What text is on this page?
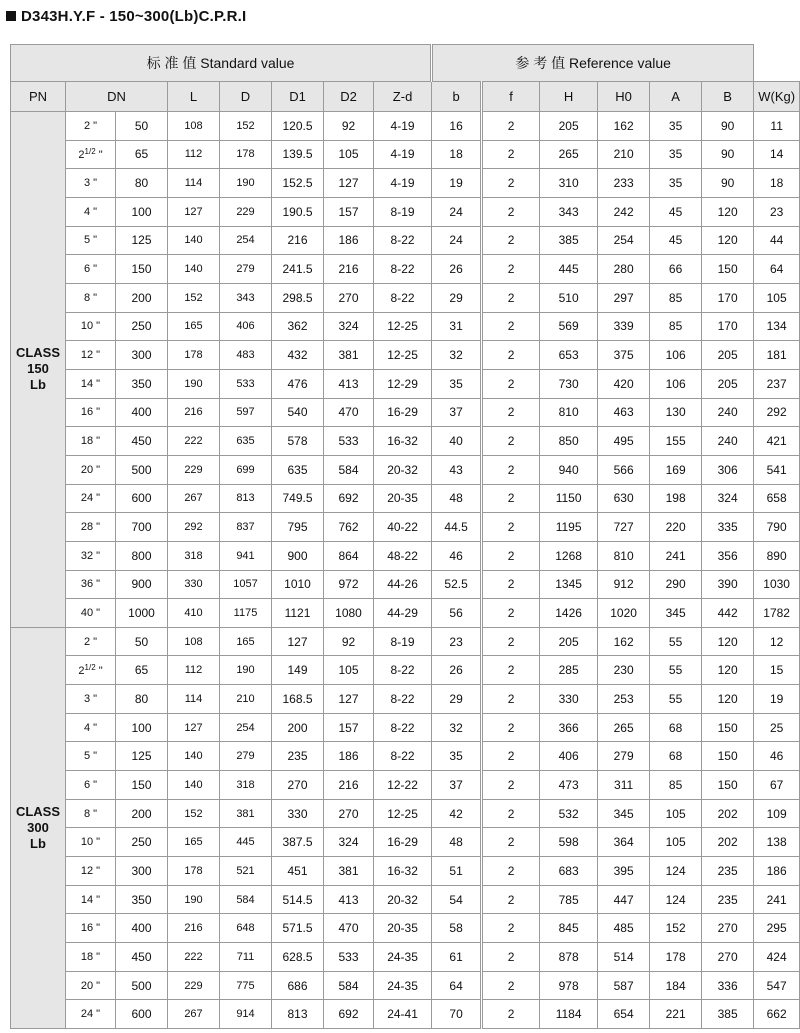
D343H.Y.F - 150~300(Lb)C.P.R.I
标 准 值 Standard value								参 考 值 Reference value						
PN	DN		L	D	D1	D2	Z-d	b	f	H	H0	A	B	W(Kg)

CLASS
150
Lb	2 "	50	108	152	120.5	92	4-19	16	2	205	162	35	90	11
	$2^{1/2}$ "	65	112	178	139.5	105	4-19	18	2	265	210	35	90	14
	3 "	80	114	190	152.5	127	4-19	19	2	310	233	35	90	18
	4 "	100	127	229	190.5	157	8-19	24	2	343	242	45	120	23
	5 "	125	140	254	216	186	8-22	24	2	385	254	45	120	44
	6 "	150	140	279	241.5	216	8-22	26	2	445	280	66	150	64
	8 "	200	152	343	298.5	270	8-22	29	2	510	297	85	170	105
	10 "	250	165	406	362	324	12-25	31	2	569	339	85	170	134
	12 "	300	178	483	432	381	12-25	32	2	653	375	106	205	181
	14 "	350	190	533	476	413	12-29	35	2	730	420	106	205	237
	16 "	400	216	597	540	470	16-29	37	2	810	463	130	240	292
	18 "	450	222	635	578	533	16-32	40	2	850	495	155	240	421
	20 "	500	229	699	635	584	20-32	43	2	940	566	169	306	541
	24 "	600	267	813	749.5	692	20-35	48	2	1150	630	198	324	658
	28 "	700	292	837	795	762	40-22	44.5	2	1195	727	220	335	790
	32 "	800	318	941	900	864	48-22	46	2	1268	810	241	356	890
	36 "	900	330	1057	1010	972	44-26	52.5	2	1345	912	290	390	1030
	40 "	1000	410	1175	1121	1080	44-29	56	2	1426	1020	345	442	1782

CLASS
300
Lb	2 "	50	108	165	127	92	8-19	23	2	205	162	55	120	12
	$2^{1/2}$ "	65	112	190	149	105	8-22	26	2	285	230	55	120	15
	3 "	80	114	210	168.5	127	8-22	29	2	330	253	55	120	19
	4 "	100	127	254	200	157	8-22	32	2	366	265	68	150	25
	5 "	125	140	279	235	186	8-22	35	2	406	279	68	150	46
	6 "	150	140	318	270	216	12-22	37	2	473	311	85	150	67
	8 "	200	152	381	330	270	12-25	42	2	532	345	105	202	109
	10 "	250	165	445	387.5	324	16-29	48	2	598	364	105	202	138
	12 "	300	178	521	451	381	16-32	51	2	683	395	124	235	186
	14 "	350	190	584	514.5	413	20-32	54	2	785	447	124	235	241
	16 "	400	216	648	571.5	470	20-35	58	2	845	485	152	270	295
	18 "	450	222	711	628.5	533	24-35	61	2	878	514	178	270	424
	20 "	500	229	775	686	584	24-35	64	2	978	587	184	336	547
	24 "	600	267	914	813	692	24-41	70	2	1184	654	221	385	662
